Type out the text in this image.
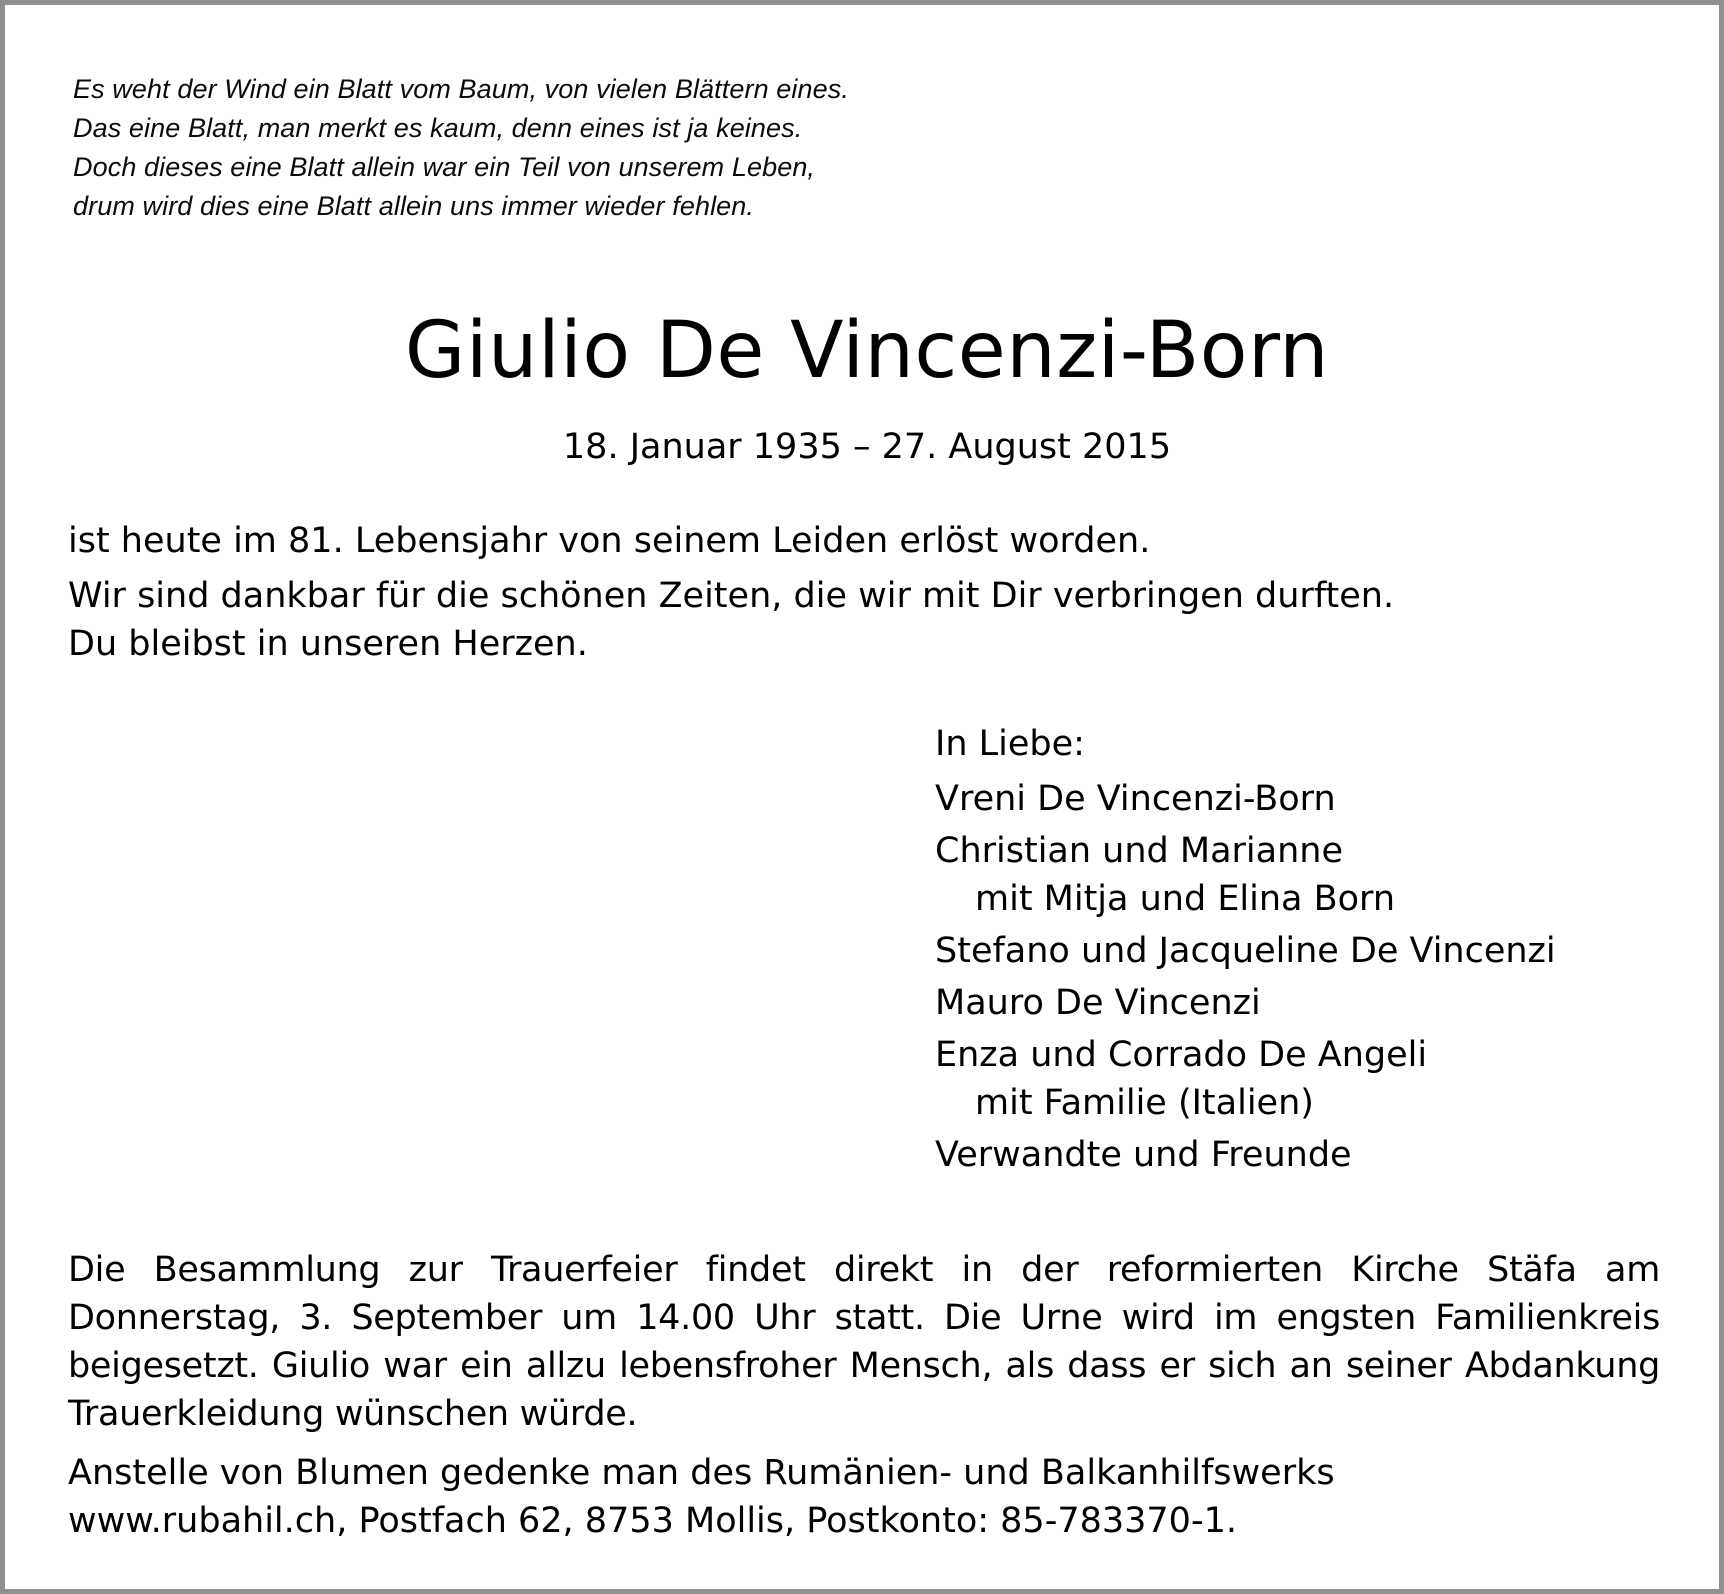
Es weht der Wind ein Blatt vom Baum, von vielen Blättern eines.
Das eine Blatt, man merkt es kaum, denn eines ist ja keines.
Doch dieses eine Blatt allein war ein Teil von unserem Leben,
drum wird dies eine Blatt allein uns immer wieder fehlen.
Giulio De Vincenzi-Born
18. Januar 1935 – 27. August 2015
ist heute im 81. Lebensjahr von seinem Leiden erlöst worden.
Wir sind dankbar für die schönen Zeiten, die wir mit Dir verbringen durften.
Du bleibst in unseren Herzen.
In Liebe:
Vreni De Vincenzi-Born
Christian und Marianne
mit Mitja und Elina Born
Stefano und Jacqueline De Vincenzi
Mauro De Vincenzi
Enza und Corrado De Angeli
mit Familie (Italien)
Verwandte und Freunde
Die Besammlung zur Trauerfeier findet direkt in der reformierten Kirche Stäfa am
Donnerstag, 3. September um 14.00 Uhr statt. Die Urne wird im engsten Familienkreis
beigesetzt. Giulio war ein allzu lebensfroher Mensch, als dass er sich an seiner Abdankung
Trauerkleidung wünschen würde.
Anstelle von Blumen gedenke man des Rumänien- und Balkanhilfswerks
www.rubahil.ch, Postfach 62, 8753 Mollis, Postkonto: 85-783370-1.
